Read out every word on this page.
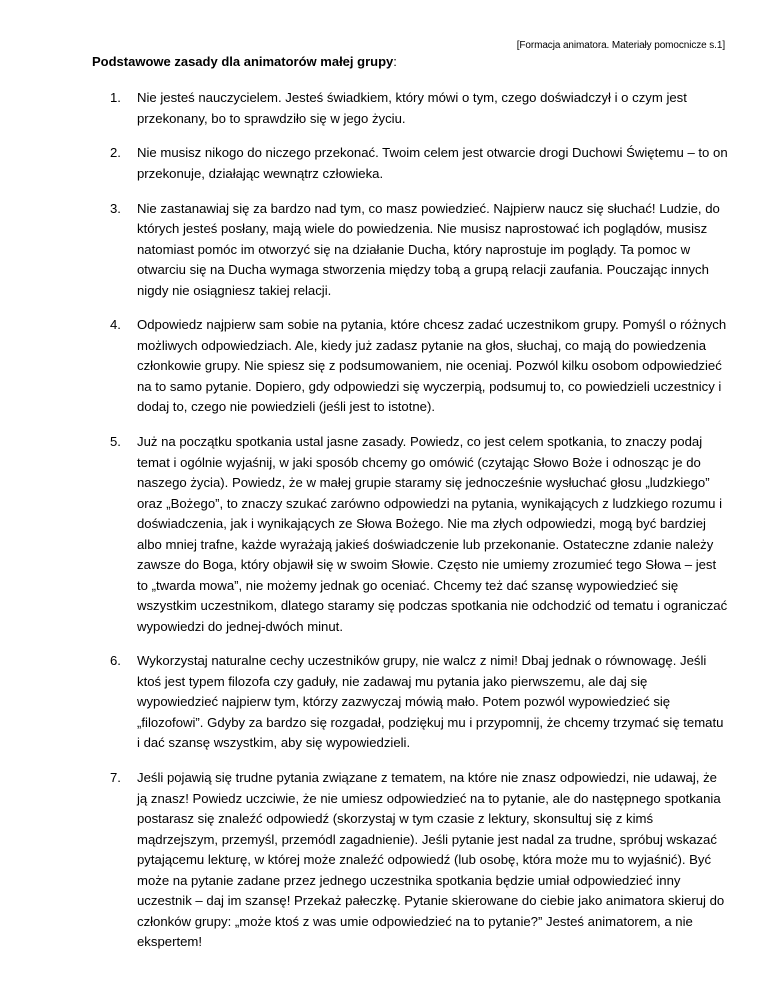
[Formacja animatora. Materiały pomocnicze s.1]
Podstawowe zasady dla animatorów małej grupy:
1. Nie jesteś nauczycielem. Jesteś świadkiem, który mówi o tym, czego doświadczył i o czym jest przekonany, bo to sprawdziło się w jego życiu.
2. Nie musisz nikogo do niczego przekonać. Twoim celem jest otwarcie drogi Duchowi Świętemu – to on przekonuje, działając wewnątrz człowieka.
3. Nie zastanawiaj się za bardzo nad tym, co masz powiedzieć. Najpierw naucz się słuchać! Ludzie, do których jesteś posłany, mają wiele do powiedzenia. Nie musisz naprostować ich poglądów, musisz natomiast pomóc im otworzyć się na działanie Ducha, który naprostuje im poglądy. Ta pomoc w otwarciu się na Ducha wymaga stworzenia między tobą a grupą relacji zaufania. Pouczając innych nigdy nie osiągniesz takiej relacji.
4. Odpowiedz najpierw sam sobie na pytania, które chcesz zadać uczestnikom grupy. Pomyśl o różnych możliwych odpowiedziach. Ale, kiedy już zadasz pytanie na głos, słuchaj, co mają do powiedzenia członkowie grupy. Nie spiesz się z podsumowaniem, nie oceniaj. Pozwól kilku osobom odpowiedzieć na to samo pytanie. Dopiero, gdy odpowiedzi się wyczerpią, podsumuj to, co powiedzieli uczestnicy i dodaj to, czego nie powiedzieli (jeśli jest to istotne).
5. Już na początku spotkania ustal jasne zasady. Powiedz, co jest celem spotkania, to znaczy podaj temat i ogólnie wyjaśnij, w jaki sposób chcemy go omówić (czytając Słowo Boże i odnosząc je do naszego życia). Powiedz, że w małej grupie staramy się jednocześnie wysłuchać głosu „ludzkiego” oraz „Bożego”, to znaczy szukać zarówno odpowiedzi na pytania, wynikających z ludzkiego rozumu i doświadczenia, jak i wynikających ze Słowa Bożego. Nie ma złych odpowiedzi, mogą być bardziej albo mniej trafne, każde wyrażają jakieś doświadczenie lub przekonanie. Ostateczne zdanie należy zawsze do Boga, który objawił się w swoim Słowie. Często nie umiemy zrozumieć tego Słowa – jest to „twarda mowa”, nie możemy jednak go oceniać. Chcemy też dać szansę wypowiedzieć się wszystkim uczestnikom, dlatego staramy się podczas spotkania nie odchodzić od tematu i ograniczać wypowiedzi do jednej-dwóch minut.
6. Wykorzystaj naturalne cechy uczestników grupy, nie walcz z nimi! Dbaj jednak o równowagę. Jeśli ktoś jest typem filozofa czy gaduły, nie zadawaj mu pytania jako pierwszemu, ale daj się wypowiedzieć najpierw tym, którzy zazwyczaj mówią mało. Potem pozwól wypowiedzieć się „filozofowi”. Gdyby za bardzo się rozgadał, podziękuj mu i przypomnij, że chcemy trzymać się tematu i dać szansę wszystkim, aby się wypowiedzieli.
7. Jeśli pojawią się trudne pytania związane z tematem, na które nie znasz odpowiedzi, nie udawaj, że ją znasz! Powiedz uczciwie, że nie umiesz odpowiedzieć na to pytanie, ale do następnego spotkania postarasz się znaleźć odpowiedź (skorzystaj w tym czasie z lektury, skonsultuj się z kimś mądrzejszym, przemyśl, przemódl zagadnienie). Jeśli pytanie jest nadal za trudne, spróbuj wskazać pytającemu lekturę, w której może znaleźć odpowiedź (lub osobę, która może mu to wyjaśnić). Być może na pytanie zadane przez jednego uczestnika spotkania będzie umiał odpowiedzieć inny uczestnik – daj im szansę! Przekaż pałeczkę. Pytanie skierowane do ciebie jako animatora skieruj do członków grupy: „może ktoś z was umie odpowiedzieć na to pytanie?” Jesteś animatorem, a nie ekspertem!
